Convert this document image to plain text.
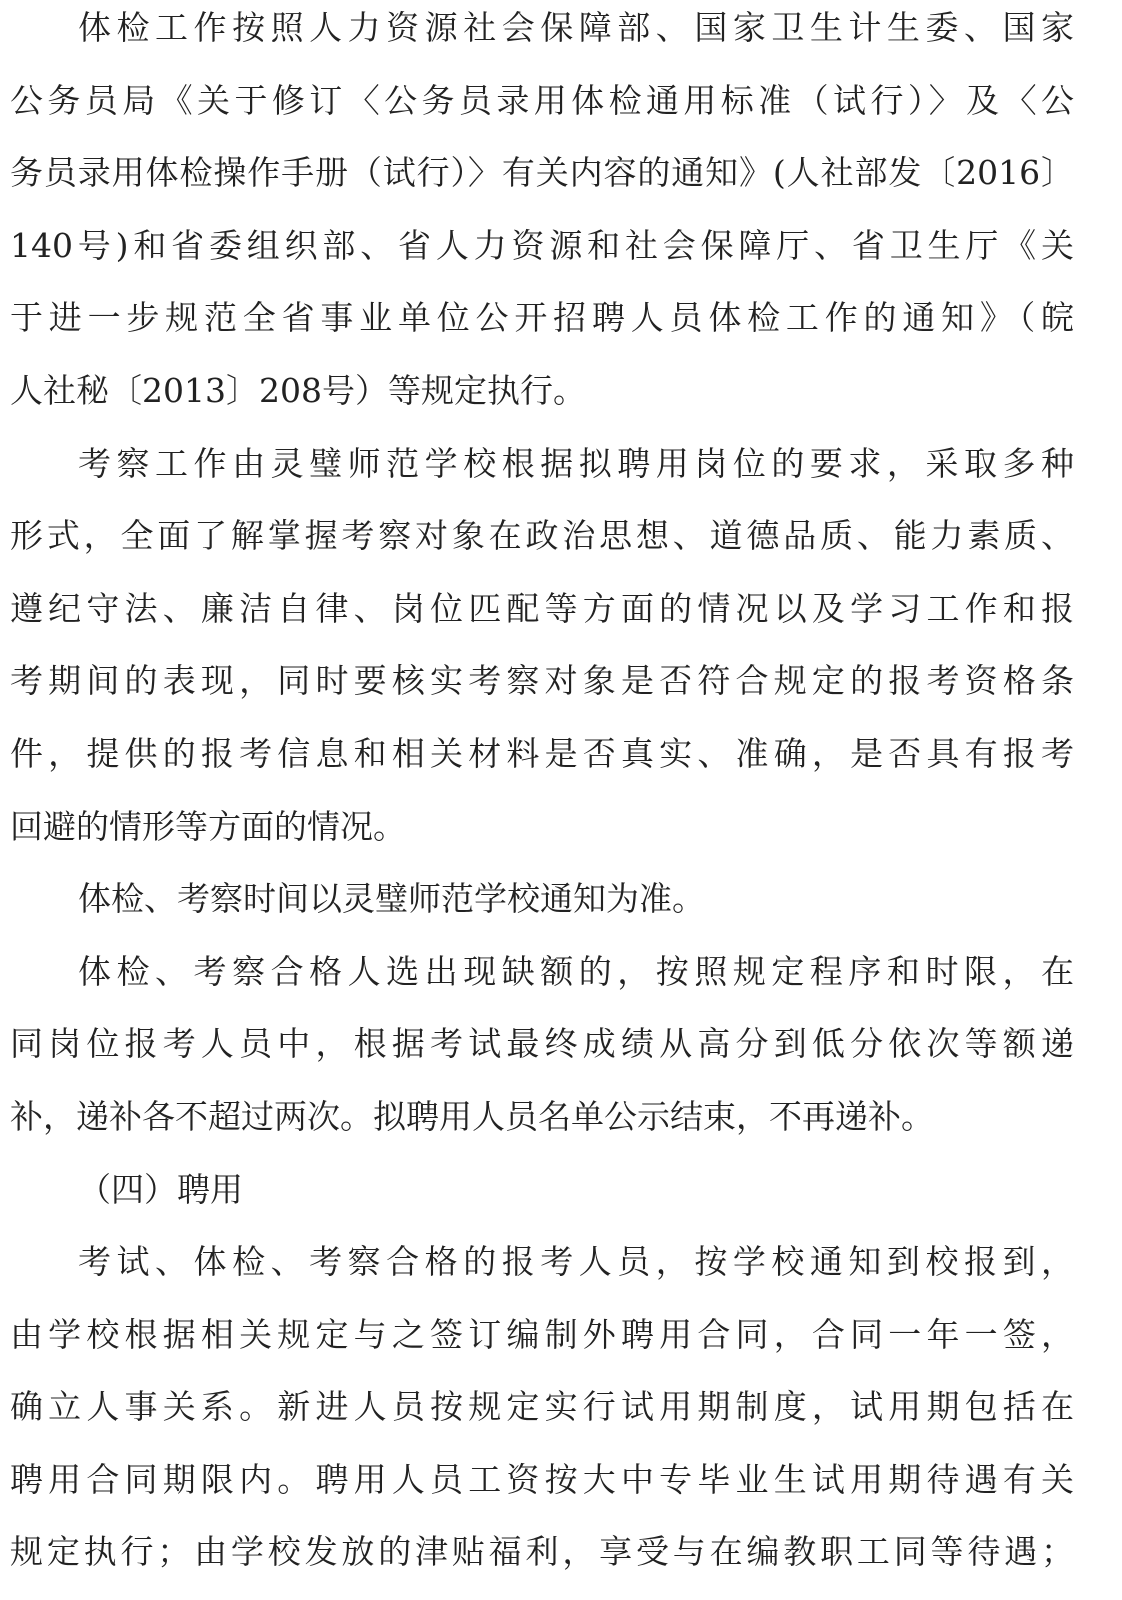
体检工作按照人力资源社会保障部、国家卫生计生委、国家
公务员局《关于修订〈公务员录用体检通用标准（试行）〉及〈公
务员录用体检操作手册（试行）〉有关内容的通知》(人社部发〔2016〕
140号)和省委组织部、省人力资源和社会保障厅、省卫生厅《关
于进一步规范全省事业单位公开招聘人员体检工作的通知》（皖
人社秘〔2013〕208号）等规定执行。
考察工作由灵璧师范学校根据拟聘用岗位的要求，采取多种
形式，全面了解掌握考察对象在政治思想、道德品质、能力素质、
遵纪守法、廉洁自律、岗位匹配等方面的情况以及学习工作和报
考期间的表现，同时要核实考察对象是否符合规定的报考资格条
件，提供的报考信息和相关材料是否真实、准确，是否具有报考
回避的情形等方面的情况。
体检、考察时间以灵璧师范学校通知为准。
体检、考察合格人选出现缺额的，按照规定程序和时限，在
同岗位报考人员中，根据考试最终成绩从高分到低分依次等额递
补，递补各不超过两次。拟聘用人员名单公示结束，不再递补。
（四）聘用
考试、体检、考察合格的报考人员，按学校通知到校报到，
由学校根据相关规定与之签订编制外聘用合同，合同一年一签，
确立人事关系。新进人员按规定实行试用期制度，试用期包括在
聘用合同期限内。聘用人员工资按大中专毕业生试用期待遇有关
规定执行；由学校发放的津贴福利，享受与在编教职工同等待遇；
